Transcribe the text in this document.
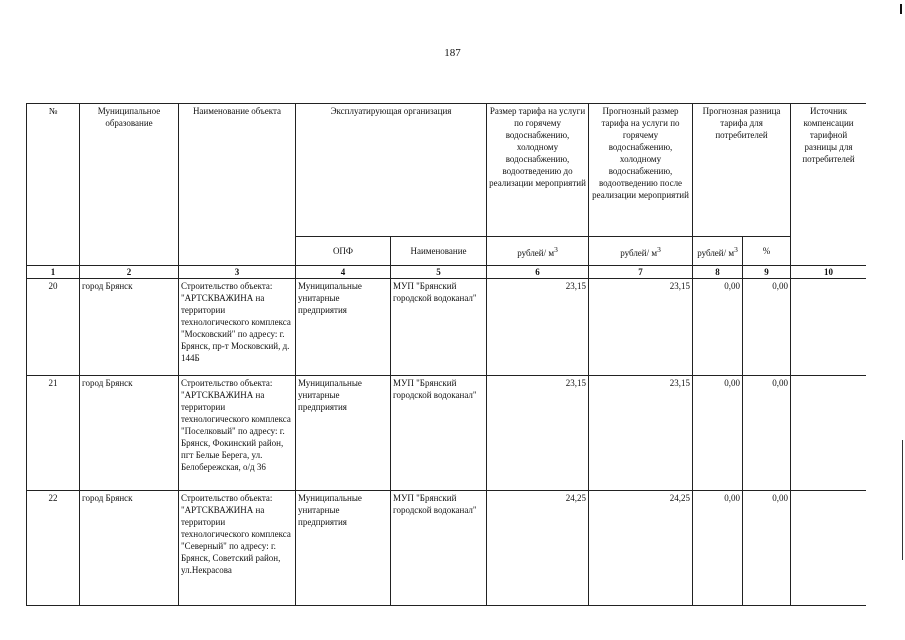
187
№	Муниципальное образование	Наименование объекта	Эксплуатирующая организация		Размер тарифа на услуги по горячему водоснабжению, холодному водоснабжению, водоотведению до реализации мероприятий	Прогнозный размер тарифа на услуги по горячему водоснабжению, холодному водоснабжению, водоотведению после реализации мероприятий	Прогнозная разница тарифа для потребителей		Источник компенсации тарифной разницы для потребителей
			ОПФ	Наименование	рублей/ $м^3$	рублей/ $м^3$	рублей/ $м^3$	%	
1	2	3	4	5	6	7	8	9	10
20	город Брянск	Строительство объекта: "АРТСКВАЖИНА на территории технологического комплекса "Московский" по адресу: г. Брянск, пр-т Московский, д. 144Б	Муниципальные унитарные предприятия	МУП "Брянский городской водоканал"	23,15	23,15	0,00	0,00	
21	город Брянск	Строительство объекта: "АРТСКВАЖИНА на территории технологического комплекса "Поселковый" по адресу: г. Брянск, Фокинский район, пгт Белые Берега, ул. Белобережская, о/д 36	Муниципальные унитарные предприятия	МУП "Брянский городской водоканал"	23,15	23,15	0,00	0,00	
22	город Брянск	Строительство объекта: "АРТСКВАЖИНА на территории технологического комплекса "Северный" по адресу: г. Брянск, Советский район, ул.Некрасова	Муниципальные унитарные предприятия	МУП "Брянский городской водоканал"	24,25	24,25	0,00	0,00	
